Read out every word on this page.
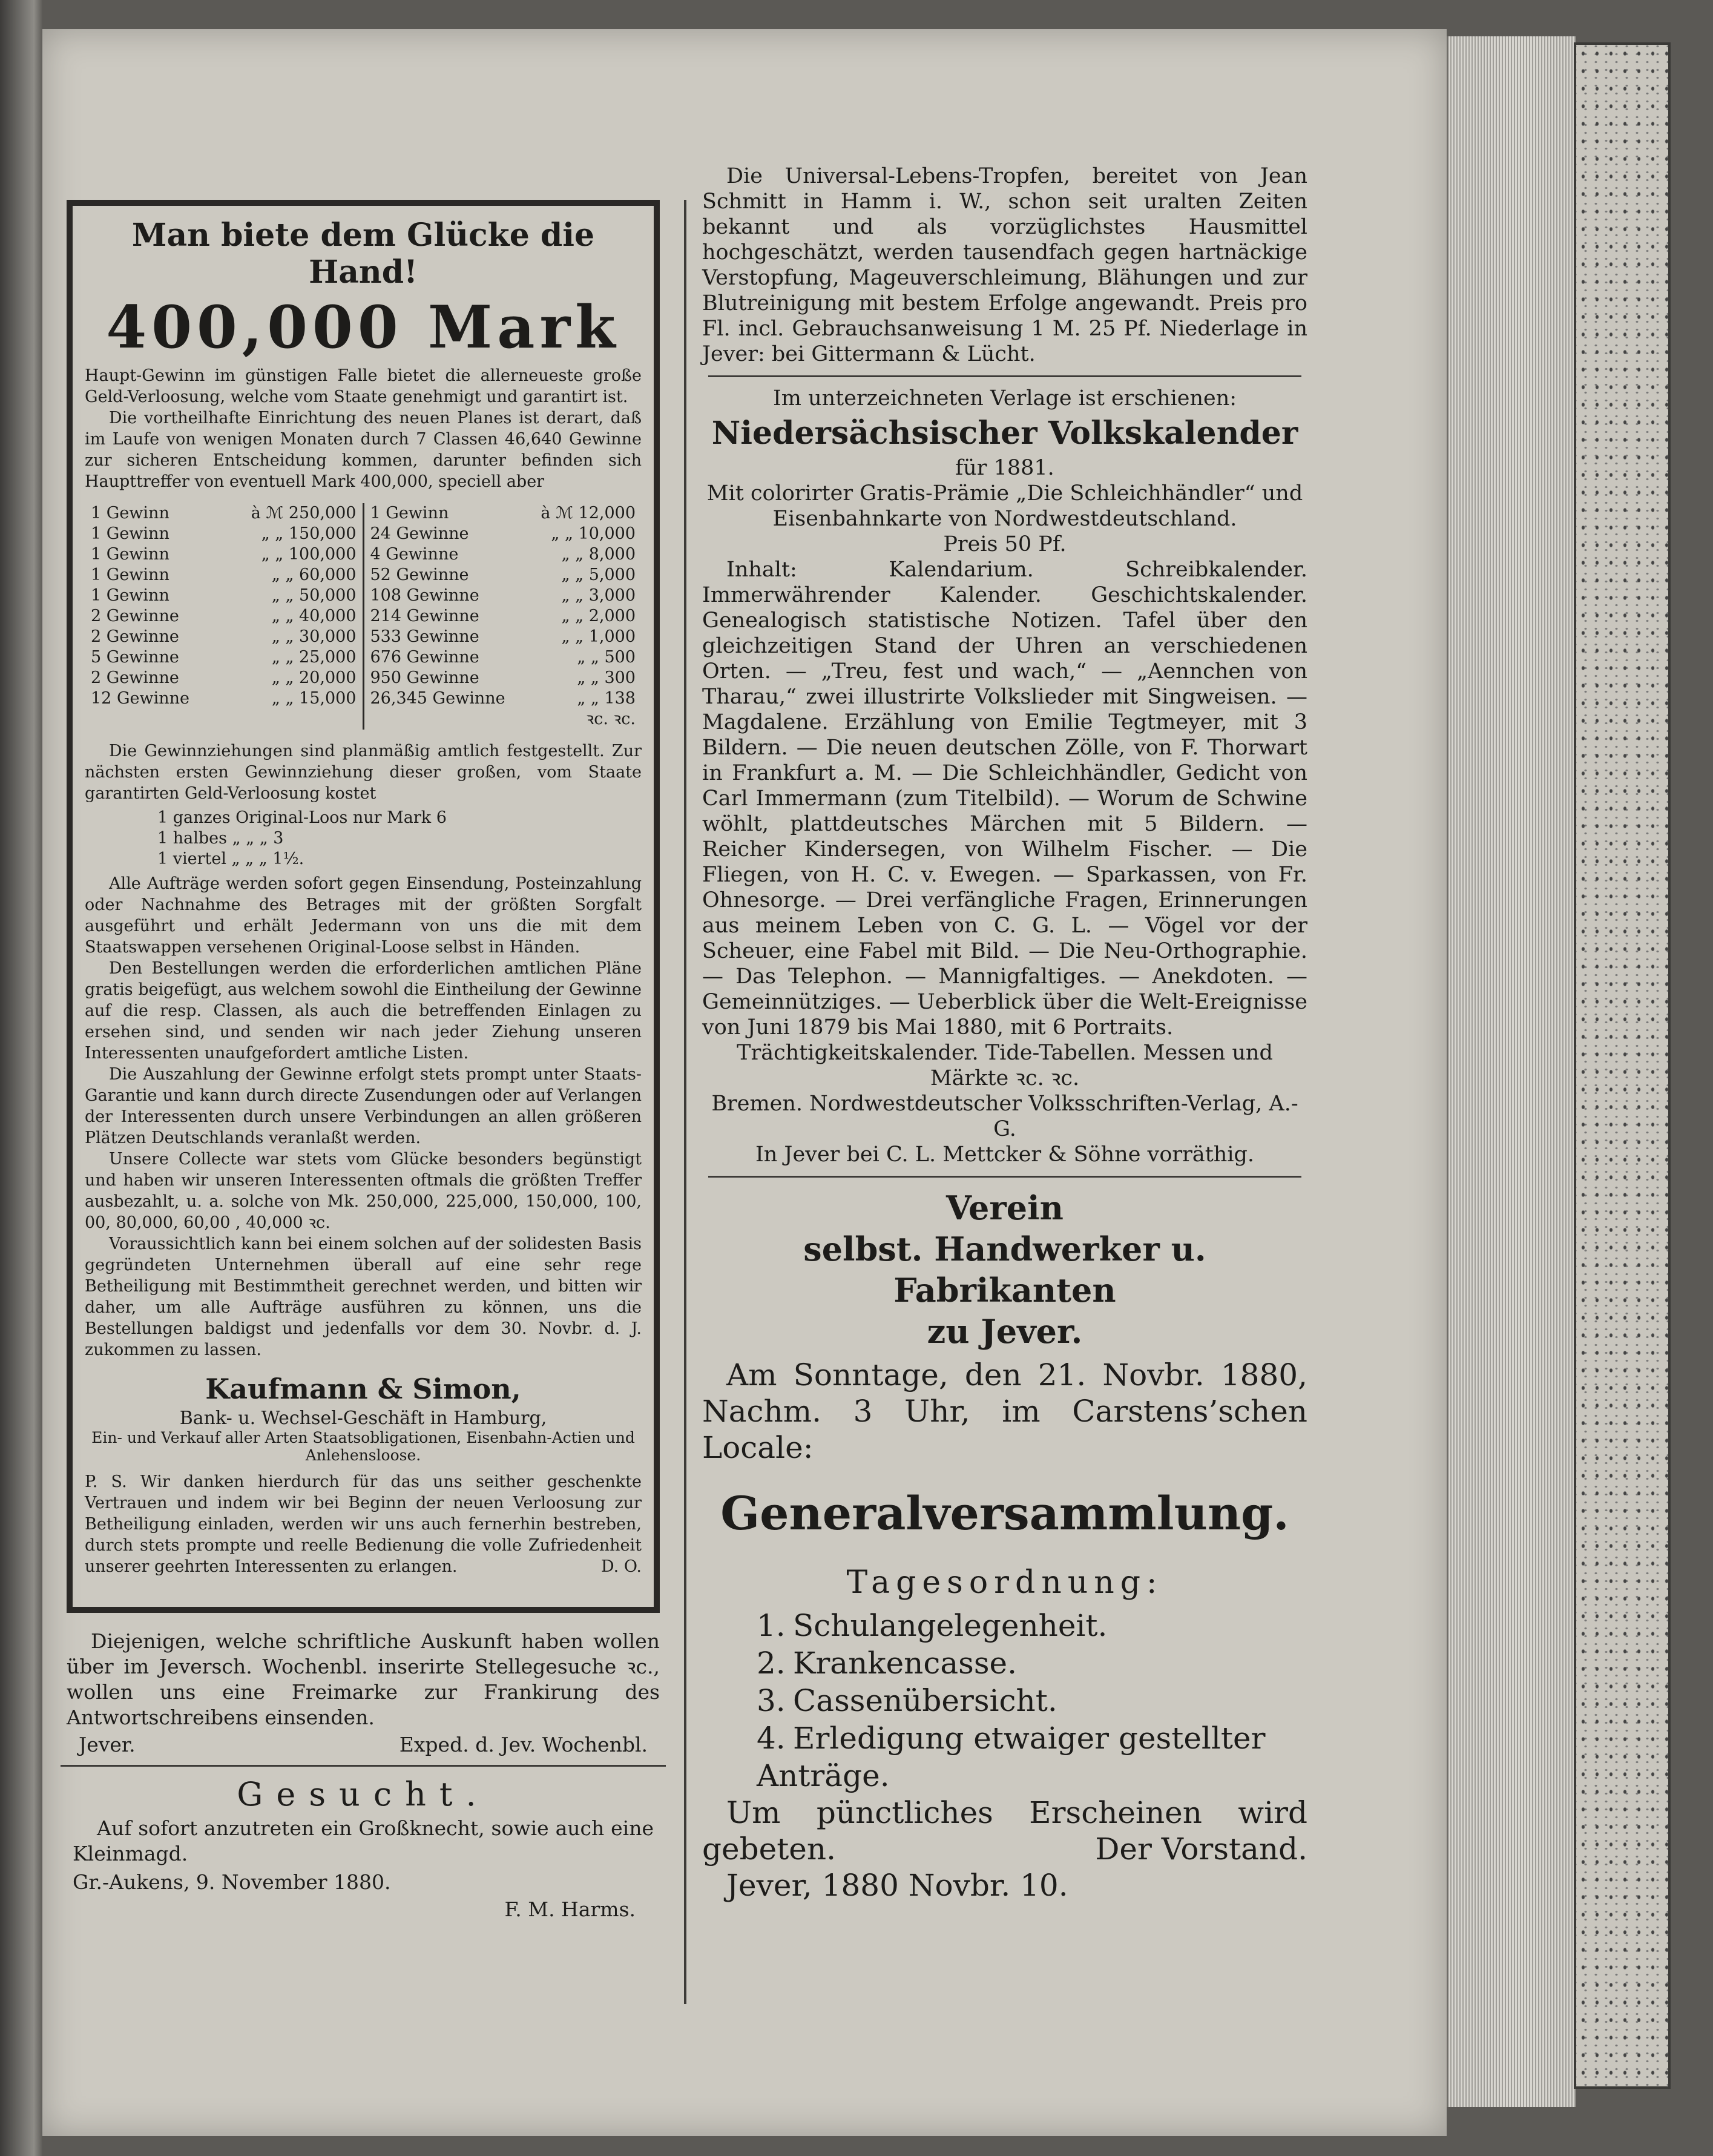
Man biete dem Glücke die Hand!
400,000 Mark

Haupt-Gewinn im günstigen Falle bietet die allerneueste große Geld-Verloosung, welche vom Staate genehmigt und garantirt ist.

Die vortheilhafte Einrichtung des neuen Planes ist derart, daß im Laufe von wenigen Monaten durch 7 Classen 46,640 Gewinne zur sicheren Entscheidung kommen, darunter befinden sich Haupttreffer von eventuell Mark 400,000, speciell aber

1 Gewinn	à ℳ 250,000
1 Gewinn	„ „ 150,000
1 Gewinn	„ „ 100,000
1 Gewinn	„ „ 60,000
1 Gewinn	„ „ 50,000
2 Gewinne	„ „ 40,000
2 Gewinne	„ „ 30,000
5 Gewinne	„ „ 25,000
2 Gewinne	„ „ 20,000
12 Gewinne	„ „ 15,000
1 Gewinn	à ℳ 12,000
24 Gewinne	„ „ 10,000
4 Gewinne	„ „ 8,000
52 Gewinne	„ „ 5,000
108 Gewinne	„ „ 3,000
214 Gewinne	„ „ 2,000
533 Gewinne	„ „ 1,000
676 Gewinne	„ „ 500
950 Gewinne	„ „ 300
26,345 Gewinne	„ „ 138
ꝛc. ꝛc.

Die Gewinnziehungen sind planmäßig amtlich festgestellt. Zur nächsten ersten Gewinnziehung dieser großen, vom Staate garantirten Geld-Verloosung kostet

1 ganzes Original-Loos nur Mark 6
1 halbes „ „ „ 3
1 viertel „ „ „ 1½.

Alle Aufträge werden sofort gegen Einsendung, Posteinzahlung oder Nachnahme des Betrages mit der größten Sorgfalt ausgeführt und erhält Jedermann von uns die mit dem Staatswappen versehenen Original-Loose selbst in Händen.

Den Bestellungen werden die erforderlichen amtlichen Pläne gratis beigefügt, aus welchem sowohl die Eintheilung der Gewinne auf die resp. Classen, als auch die betreffenden Einlagen zu ersehen sind, und senden wir nach jeder Ziehung unseren Interessenten unaufgefordert amtliche Listen.

Die Auszahlung der Gewinne erfolgt stets prompt unter Staats-Garantie und kann durch directe Zusendungen oder auf Verlangen der Interessenten durch unsere Verbindungen an allen größeren Plätzen Deutschlands veranlaßt werden.

Unsere Collecte war stets vom Glücke besonders begünstigt und haben wir unseren Interessenten oftmals die größten Treffer ausbezahlt, u. a. solche von Mk. 250,000, 225,000, 150,000, 100, 00, 80,000, 60,00 , 40,000 ꝛc.

Voraussichtlich kann bei einem solchen auf der solidesten Basis gegründeten Unternehmen überall auf eine sehr rege Betheiligung mit Bestimmtheit gerechnet werden, und bitten wir daher, um alle Aufträge ausführen zu können, uns die Bestellungen baldigst und jedenfalls vor dem 30. Novbr. d. J. zukommen zu lassen.

Kaufmann & Simon,

Bank- u. Wechsel-Geschäft in Hamburg,

Ein- und Verkauf aller Arten Staatsobligationen, Eisenbahn-Actien und Anlehensloose.

P. S. Wir danken hierdurch für das uns seither geschenkte Vertrauen und indem wir bei Beginn der neuen Verloosung zur Betheiligung einladen, werden wir uns auch fernerhin bestreben, durch stets prompte und reelle Bedienung die volle Zufriedenheit unserer geehrten Interessenten zu erlangen.	D. O.

Diejenigen, welche schriftliche Auskunft haben wollen über im Jeversch. Wochenbl. inserirte Stellegesuche ꝛc., wollen uns eine Freimarke zur Frankirung des Antwortschreibens einsenden.

Jever.	Exped. d. Jev. Wochenbl.
Gesucht.

Auf sofort anzutreten ein Großknecht, sowie auch eine Kleinmagd.

Gr.-Aukens, 9. November 1880.

F. M. Harms.

Die Universal-Lebens-Tropfen, bereitet von Jean Schmitt in Hamm i. W., schon seit uralten Zeiten bekannt und als vorzüglichstes Hausmittel hochgeschätzt, werden tausendfach gegen hartnäckige Verstopfung, Mageuverschleimung, Blähungen und zur Blutreinigung mit bestem Erfolge angewandt. Preis pro Fl. incl. Gebrauchsanweisung 1 M. 25 Pf. Niederlage in Jever: bei Gittermann & Lücht.

Im unterzeichneten Verlage ist erschienen:

Niedersächsischer Volkskalender

für 1881.

Mit colorirter Gratis-Prämie „Die Schleichhändler“ und Eisenbahnkarte von Nordwestdeutschland.

Preis 50 Pf.

Inhalt: Kalendarium. Schreibkalender. Immerwährender Kalender. Geschichtskalender. Genealogisch statistische Notizen. Tafel über den gleichzeitigen Stand der Uhren an verschiedenen Orten. — „Treu, fest und wach,“ — „Aennchen von Tharau,“ zwei illustrirte Volkslieder mit Singweisen. — Magdalene. Erzählung von Emilie Tegtmeyer, mit 3 Bildern. — Die neuen deutschen Zölle, von F. Thorwart in Frankfurt a. M. — Die Schleichhändler, Gedicht von Carl Immermann (zum Titelbild). — Worum de Schwine wöhlt, plattdeutsches Märchen mit 5 Bildern. — Reicher Kindersegen, von Wilhelm Fischer. — Die Fliegen, von H. C. v. Ewegen. — Sparkassen, von Fr. Ohnesorge. — Drei verfängliche Fragen, Erinnerungen aus meinem Leben von C. G. L. — Vögel vor der Scheuer, eine Fabel mit Bild. — Die Neu-Orthographie. — Das Telephon. — Mannigfaltiges. — Anekdoten. — Gemeinnütziges. — Ueberblick über die Welt-Ereignisse von Juni 1879 bis Mai 1880, mit 6 Portraits.

Trächtigkeitskalender. Tide-Tabellen. Messen und Märkte ꝛc. ꝛc.

Bremen. Nordwestdeutscher Volksschriften-Verlag, A.-G.

In Jever bei C. L. Mettcker & Söhne vorräthig.

Verein
selbst. Handwerker u. Fabrikanten
zu Jever.

Am Sonntage, den 21. Novbr. 1880, Nachm. 3 Uhr, im Carstens’schen Locale:

Generalversammlung.
Tagesordnung:
1. Schulangelegenheit.
2. Krankencasse.
3. Cassenübersicht.
4. Erledigung etwaiger gestellter Anträge.

Um pünctliches Erscheinen wird gebeten.	Der Vorstand.

Jever, 1880 Novbr. 10.
